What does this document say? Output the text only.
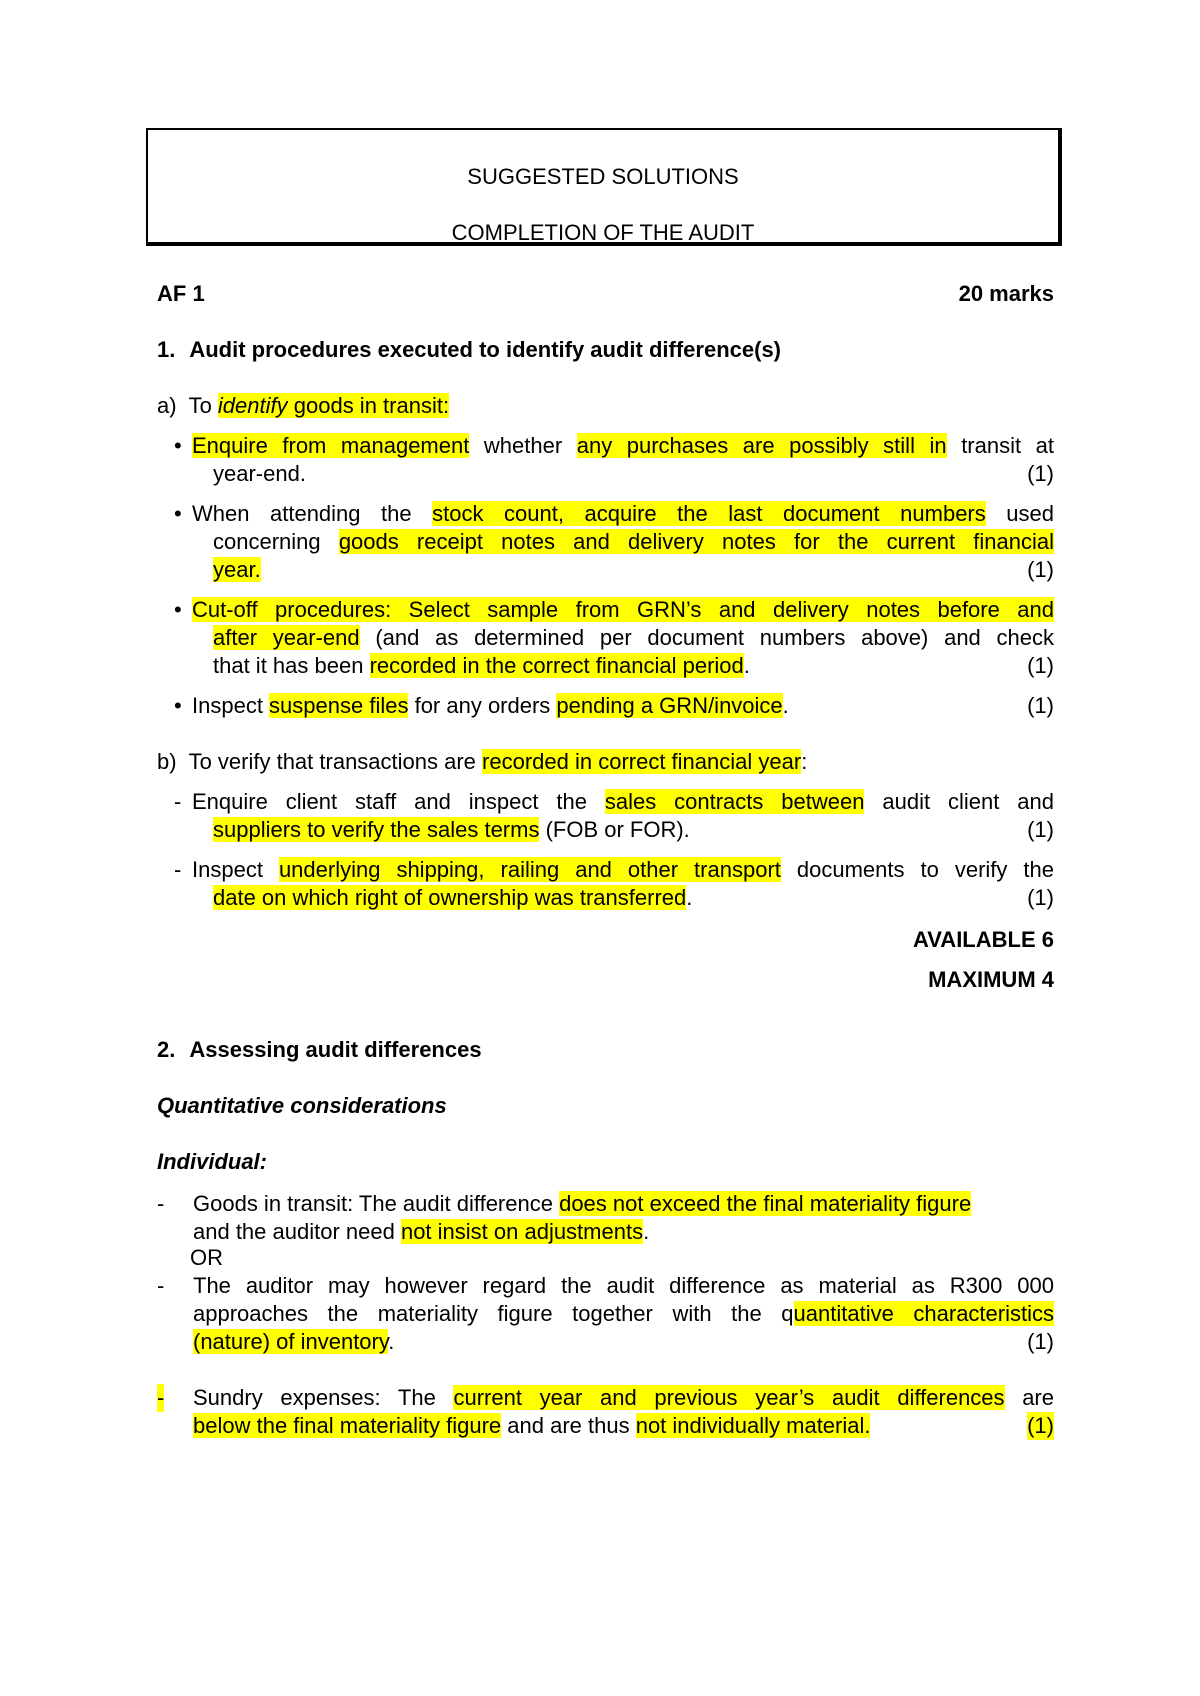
SUGGESTED SOLUTIONS
COMPLETION OF THE AUDIT
AF 1	20 marks
1. Audit procedures executed to identify audit difference(s)
a) To identify goods in transit:
• Enquire from management whether any purchases are possibly still in transit at
year-end.	(1)
• When attending the stock count, acquire the last document numbers used
concerning goods receipt notes and delivery notes for the current financial
year.	(1)
• Cut-off procedures: Select sample from GRN’s and delivery notes before and
after year-end (and as determined per document numbers above) and check
that it has been recorded in the correct financial period.	(1)
• Inspect suspense files for any orders pending a GRN/invoice.	(1)
b) To verify that transactions are recorded in correct financial year:
- Enquire client staff and inspect the sales contracts between audit client and
suppliers to verify the sales terms (FOB or FOR).	(1)
- Inspect underlying shipping, railing and other transport documents to verify the
date on which right of ownership was transferred.	(1)
AVAILABLE 6
MAXIMUM 4
2. Assessing audit differences
Quantitative considerations
Individual:
- Goods in transit: The audit difference does not exceed the final materiality figure
and the auditor need not insist on adjustments.
OR
- The auditor may however regard the audit difference as material as R300 000
approaches the materiality figure together with the quantitative characteristics
(nature) of inventory.	(1)
- Sundry expenses: The current year and previous year’s audit differences are
below the final materiality figure and are thus not individually material.	(1)
